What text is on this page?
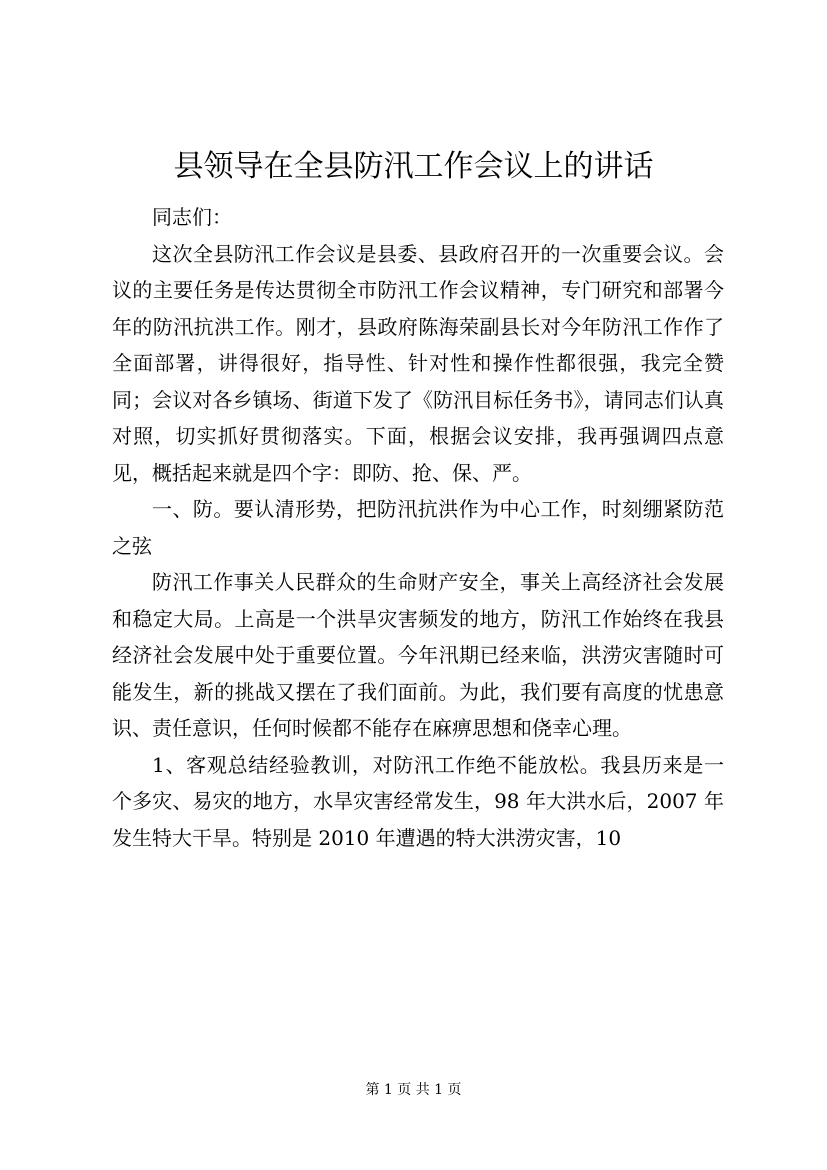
县领导在全县防汛工作会议上的讲话

同志们：

这次全县防汛工作会议是县委、县政府召开的一次重要会议。会议的主要任务是传达贯彻全市防汛工作会议精神，专门研究和部署今年的防汛抗洪工作。刚才，县政府陈海荣副县长对今年防汛工作作了全面部署，讲得很好，指导性、针对性和操作性都很强，我完全赞同；会议对各乡镇场、街道下发了《防汛目标任务书》，请同志们认真对照，切实抓好贯彻落实。下面，根据会议安排，我再强调四点意见，概括起来就是四个字：即防、抢、保、严。

一、防。要认清形势，把防汛抗洪作为中心工作，时刻绷紧防范之弦

防汛工作事关人民群众的生命财产安全，事关上高经济社会发展和稳定大局。上高是一个洪旱灾害频发的地方，防汛工作始终在我县经济社会发展中处于重要位置。今年汛期已经来临，洪涝灾害随时可能发生，新的挑战又摆在了我们面前。为此，我们要有高度的忧患意识、责任意识，任何时候都不能存在麻痹思想和侥幸心理。

1、客观总结经验教训，对防汛工作绝不能放松。我县历来是一个多灾、易灾的地方，水旱灾害经常发生，98 年大洪水后，2007 年发生特大干旱。特别是 2010 年遭遇的特大洪涝灾害，10

第 1 页 共 1 页
